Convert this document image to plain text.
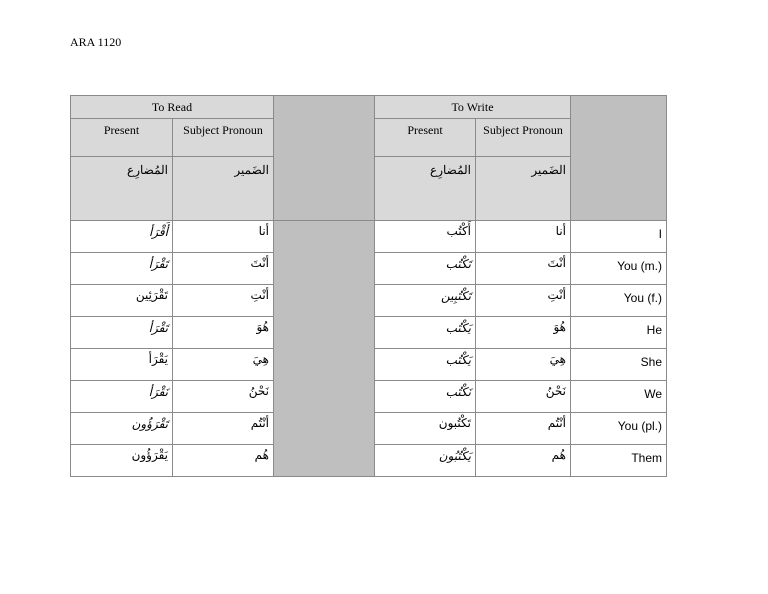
ARA 1120
To Read			To Write		
Present	Subject Pronoun		Present	Subject Pronoun	
المُضارِع	الضَمير		المُضارِع	الضَمير	
أَقْرَأ	أنا		أَكْتُب	أنا	I
تَقْرَأ	أنْتَ		تَكْتُب	أنْتَ	You (m.)
تَقْرَئِين	أنْتِ		تَكْتُبِين	أنْتِ	You (f.)
تَقْرَأ	هُوَ		يَكْتُب	هُوَ	He
يَقْرَأ	هِيَ		يَكْتُب	هِيَ	She
نَقْرَأ	نَحْنُ		نَكْتُب	نَحْنُ	We
تَقْرَؤُون	أنْتُم		تَكْتُبون	أنْتُم	You (pl.)
يَقْرَؤُون	هُم		يَكْتُبُون	هُم	Them
